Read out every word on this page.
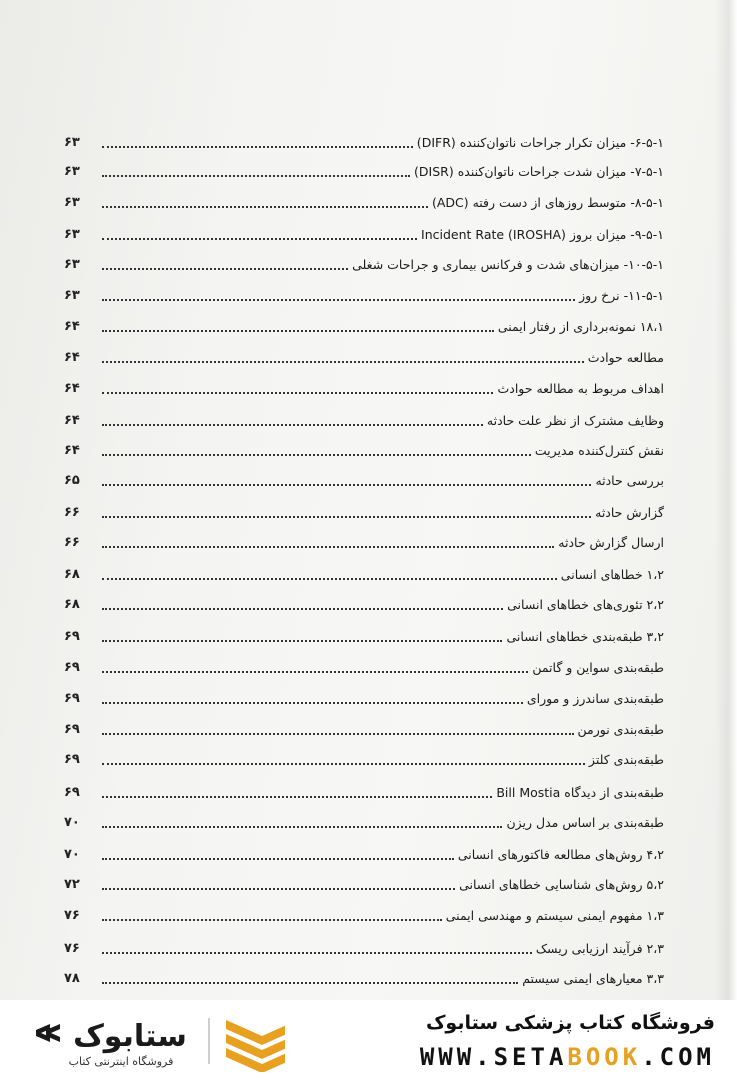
۶۳	۶-۵-۱- میزان تکرار جراحات ناتوان‌کننده (DIFR)
۶۳	۷-۵-۱- میزان شدت جراحات ناتوان‌کننده (DISR)
۶۳	۸-۵-۱- متوسط روزهای از دست رفته (ADC)
۶۳	۹-۵-۱- میزان بروز Incident Rate (IROSHA)
۶۳	۱۰-۵-۱- میزان‌های شدت و فرکانس بیماری و جراحات شغلی
۶۳	۱۱-۵-۱- نرخ روز
۶۴	۱۸،۱ نمونه‌برداری از رفتار ایمنی
۶۴	مطالعه حوادث
۶۴	اهداف مربوط به مطالعه حوادث
۶۴	وظایف مشترک از نظر علت حادثه
۶۴	نقش کنترل‌کننده مدیریت
۶۵	بررسی حادثه
۶۶	گزارش حادثه
۶۶	ارسال گزارش حادثه
۶۸	۱،۲ خطاهای انسانی
۶۸	۲،۲ تئوری‌های خطاهای انسانی
۶۹	۳،۲ طبقه‌بندی خطاهای انسانی
۶۹	طبقه‌بندی سواین و گاتمن
۶۹	طبقه‌بندی ساندرز و مورای
۶۹	طبقه‌بندی نورمن
۶۹	طبقه‌بندی کلتز
۶۹	طبقه‌بندی از دیدگاه Bill Mostia
۷۰	طبقه‌بندی بر اساس مدل ریزن
۷۰	۴،۲ روش‌های مطالعه فاکتورهای انسانی
۷۲	۵،۲ روش‌های شناسایی خطاهای انسانی
۷۶	۱،۳ مفهوم ایمنی سیستم و مهندسی ایمنی
۷۶	۲،۳ فرآیند ارزیابی ریسک
۷۸	۳،۳ معیارهای ایمنی سیستم
ستابوک
فروشگاه اینترنتی کتاب
فروشگاه کتاب پزشکی ستابوک
WWW.SETABOOK.COM
